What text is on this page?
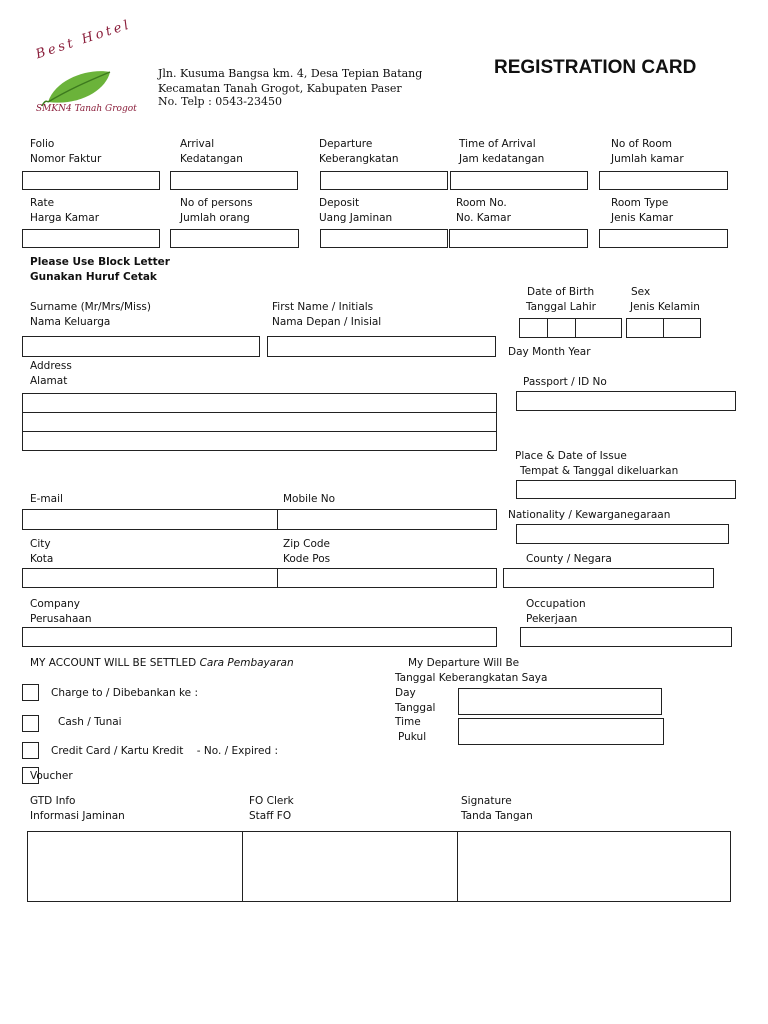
Best Hotel
SMKN4 Tanah Grogot
Jln. Kusuma Bangsa km. 4, Desa Tepian Batang
Kecamatan Tanah Grogot, Kabupaten Paser
No. Telp : 0543-23450
REGISTRATION CARD
Folio
Nomor Faktur
Arrival
Kedatangan
Departure
Keberangkatan
Time of Arrival
Jam kedatangan
No of Room
Jumlah kamar
Rate
Harga Kamar
No of persons
Jumlah orang
Deposit
Uang Jaminan
Room No.
No. Kamar
Room Type
Jenis Kamar
Please Use Block Letter
Gunakan Huruf Cetak
Surname (Mr/Mrs/Miss)
Nama Keluarga
First Name / Initials
Nama Depan / Inisial
Date of Birth
Tanggal Lahir
Sex
Jenis Kelamin
Day Month Year
Address
Alamat	Passport / ID No
Place & Date of Issue
Tempat & Tanggal dikeluarkan
E-mail	Mobile No
Nationality / Kewarganegaraan
City
Kota
Zip Code
Kode Pos	County / Negara
Company
Perusahaan
Occupation
Pekerjaan
MY ACCOUNT WILL BE SETTLED Cara Pembayaran
Charge to / Dibebankan ke :
Cash / Tunai
Credit Card / Kartu Kredit    - No. / Expired :
Voucher
My Departure Will Be
Tanggal Keberangkatan Saya
Day
Tanggal
Time
Pukul
GTD Info
Informasi Jaminan
FO Clerk
Staff FO
Signature
Tanda Tangan
